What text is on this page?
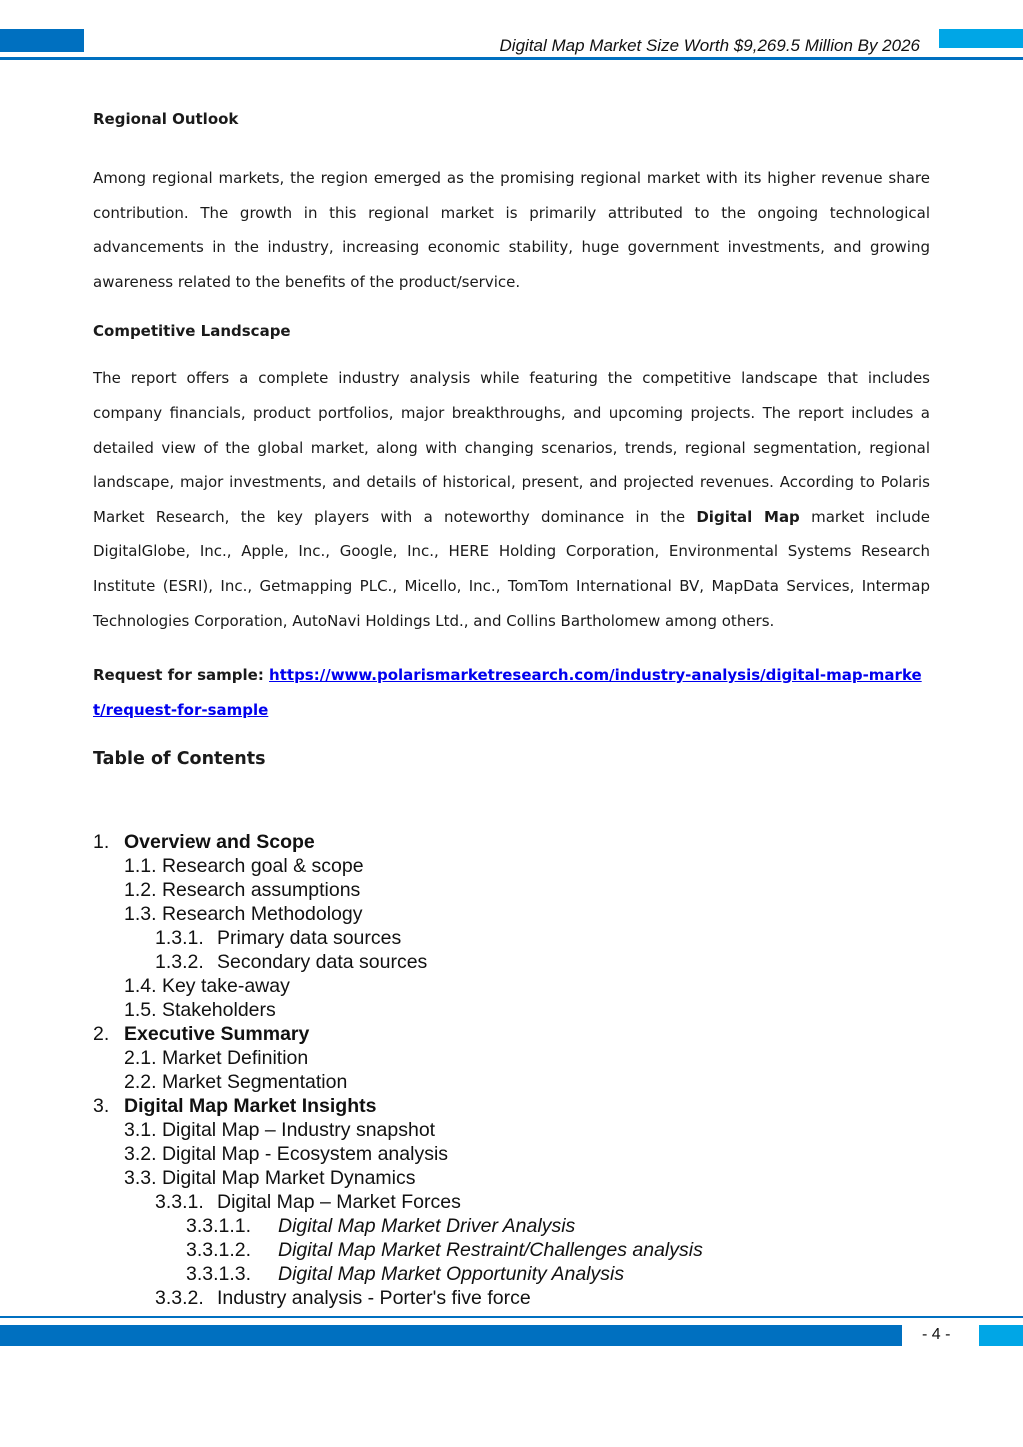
Digital Map Market Size Worth $9,269.5 Million By 2026

Regional Outlook

Among regional markets, the region emerged as the promising regional market with its higher revenue share contribution. The growth in this regional market is primarily attributed to the ongoing technological advancements in the industry, increasing economic stability, huge government investments, and growing awareness related to the benefits of the product/service.

Competitive Landscape

The report offers a complete industry analysis while featuring the competitive landscape that includes company financials, product portfolios, major breakthroughs, and upcoming projects. The report includes a detailed view of the global market, along with changing scenarios, trends, regional segmentation, regional landscape, major investments, and details of historical, present, and projected revenues. According to Polaris Market Research, the key players with a noteworthy dominance in the Digital Map market include DigitalGlobe, Inc., Apple, Inc., Google, Inc., HERE Holding Corporation, Environmental Systems Research Institute (ESRI), Inc., Getmapping PLC., Micello, Inc., TomTom International BV, MapData Services, Intermap Technologies Corporation, AutoNavi Holdings Ltd., and Collins Bartholomew among others.

Request for sample: https://www.polarismarketresearch.com/industry-analysis/digital-map-market/request-for-sample

Table of Contents

1. Overview and Scope
1.1. Research goal & scope
1.2. Research assumptions
1.3. Research Methodology
1.3.1. Primary data sources
1.3.2. Secondary data sources
1.4. Key take-away
1.5. Stakeholders
2. Executive Summary
2.1. Market Definition
2.2. Market Segmentation
3. Digital Map Market Insights
3.1. Digital Map – Industry snapshot
3.2. Digital Map - Ecosystem analysis
3.3. Digital Map Market Dynamics
3.3.1. Digital Map – Market Forces
3.3.1.1. Digital Map Market Driver Analysis
3.3.1.2. Digital Map Market Restraint/Challenges analysis
3.3.1.3. Digital Map Market Opportunity Analysis
3.3.2. Industry analysis - Porter's five force
- 4 -
